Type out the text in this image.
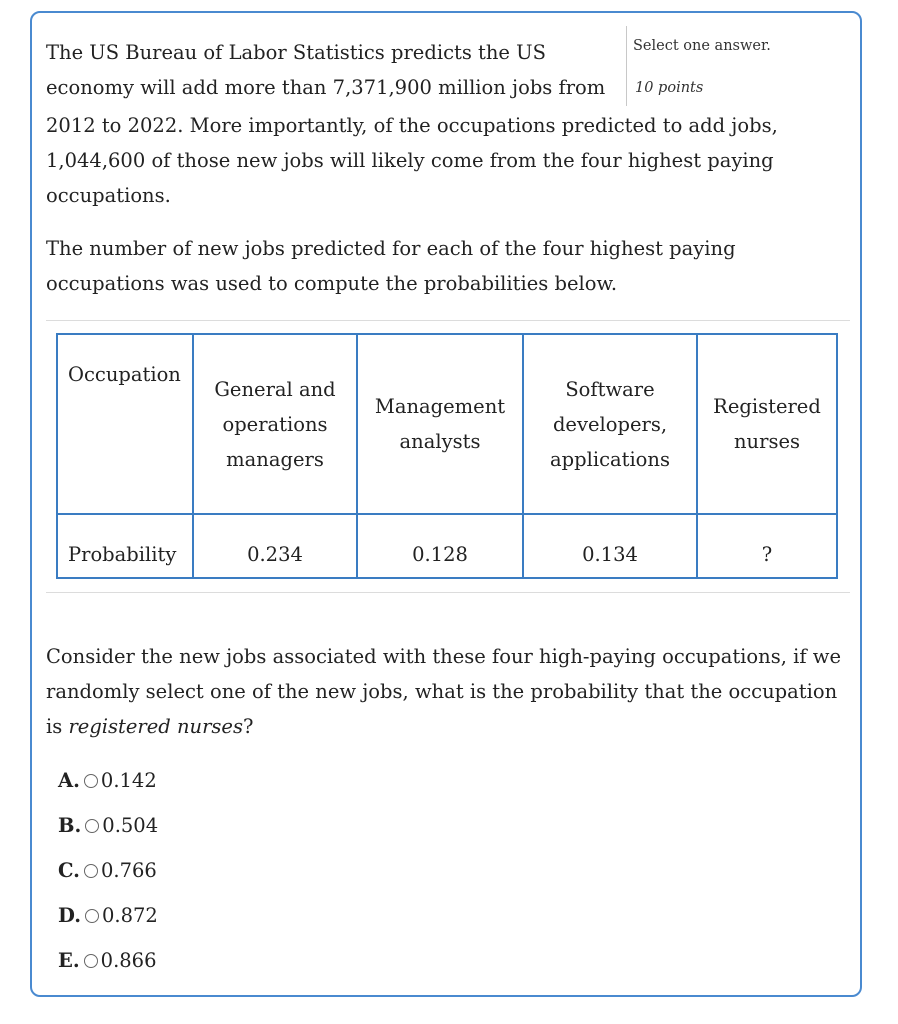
Select one answer.
10 points
The US Bureau of Labor Statistics predicts the US
economy will add more than 7,371,900 million jobs from

2012 to 2022. More importantly, of the occupations predicted to add jobs, 1,044,600 of those new jobs will likely come from the four highest paying occupations.

The number of new jobs predicted for each of the four highest paying occupations was used to compute the probabilities below.

Occupation	General and operations managers	Management analysts	Software developers, applications	Registered nurses
Probability	0.234	0.128	0.134	?

Consider the new jobs associated with these four high-paying occupations, if we randomly select one of the new jobs, what is the probability that the occupation is registered nurses?

A. 0.142
B. 0.504
C. 0.766
D. 0.872
E. 0.866
